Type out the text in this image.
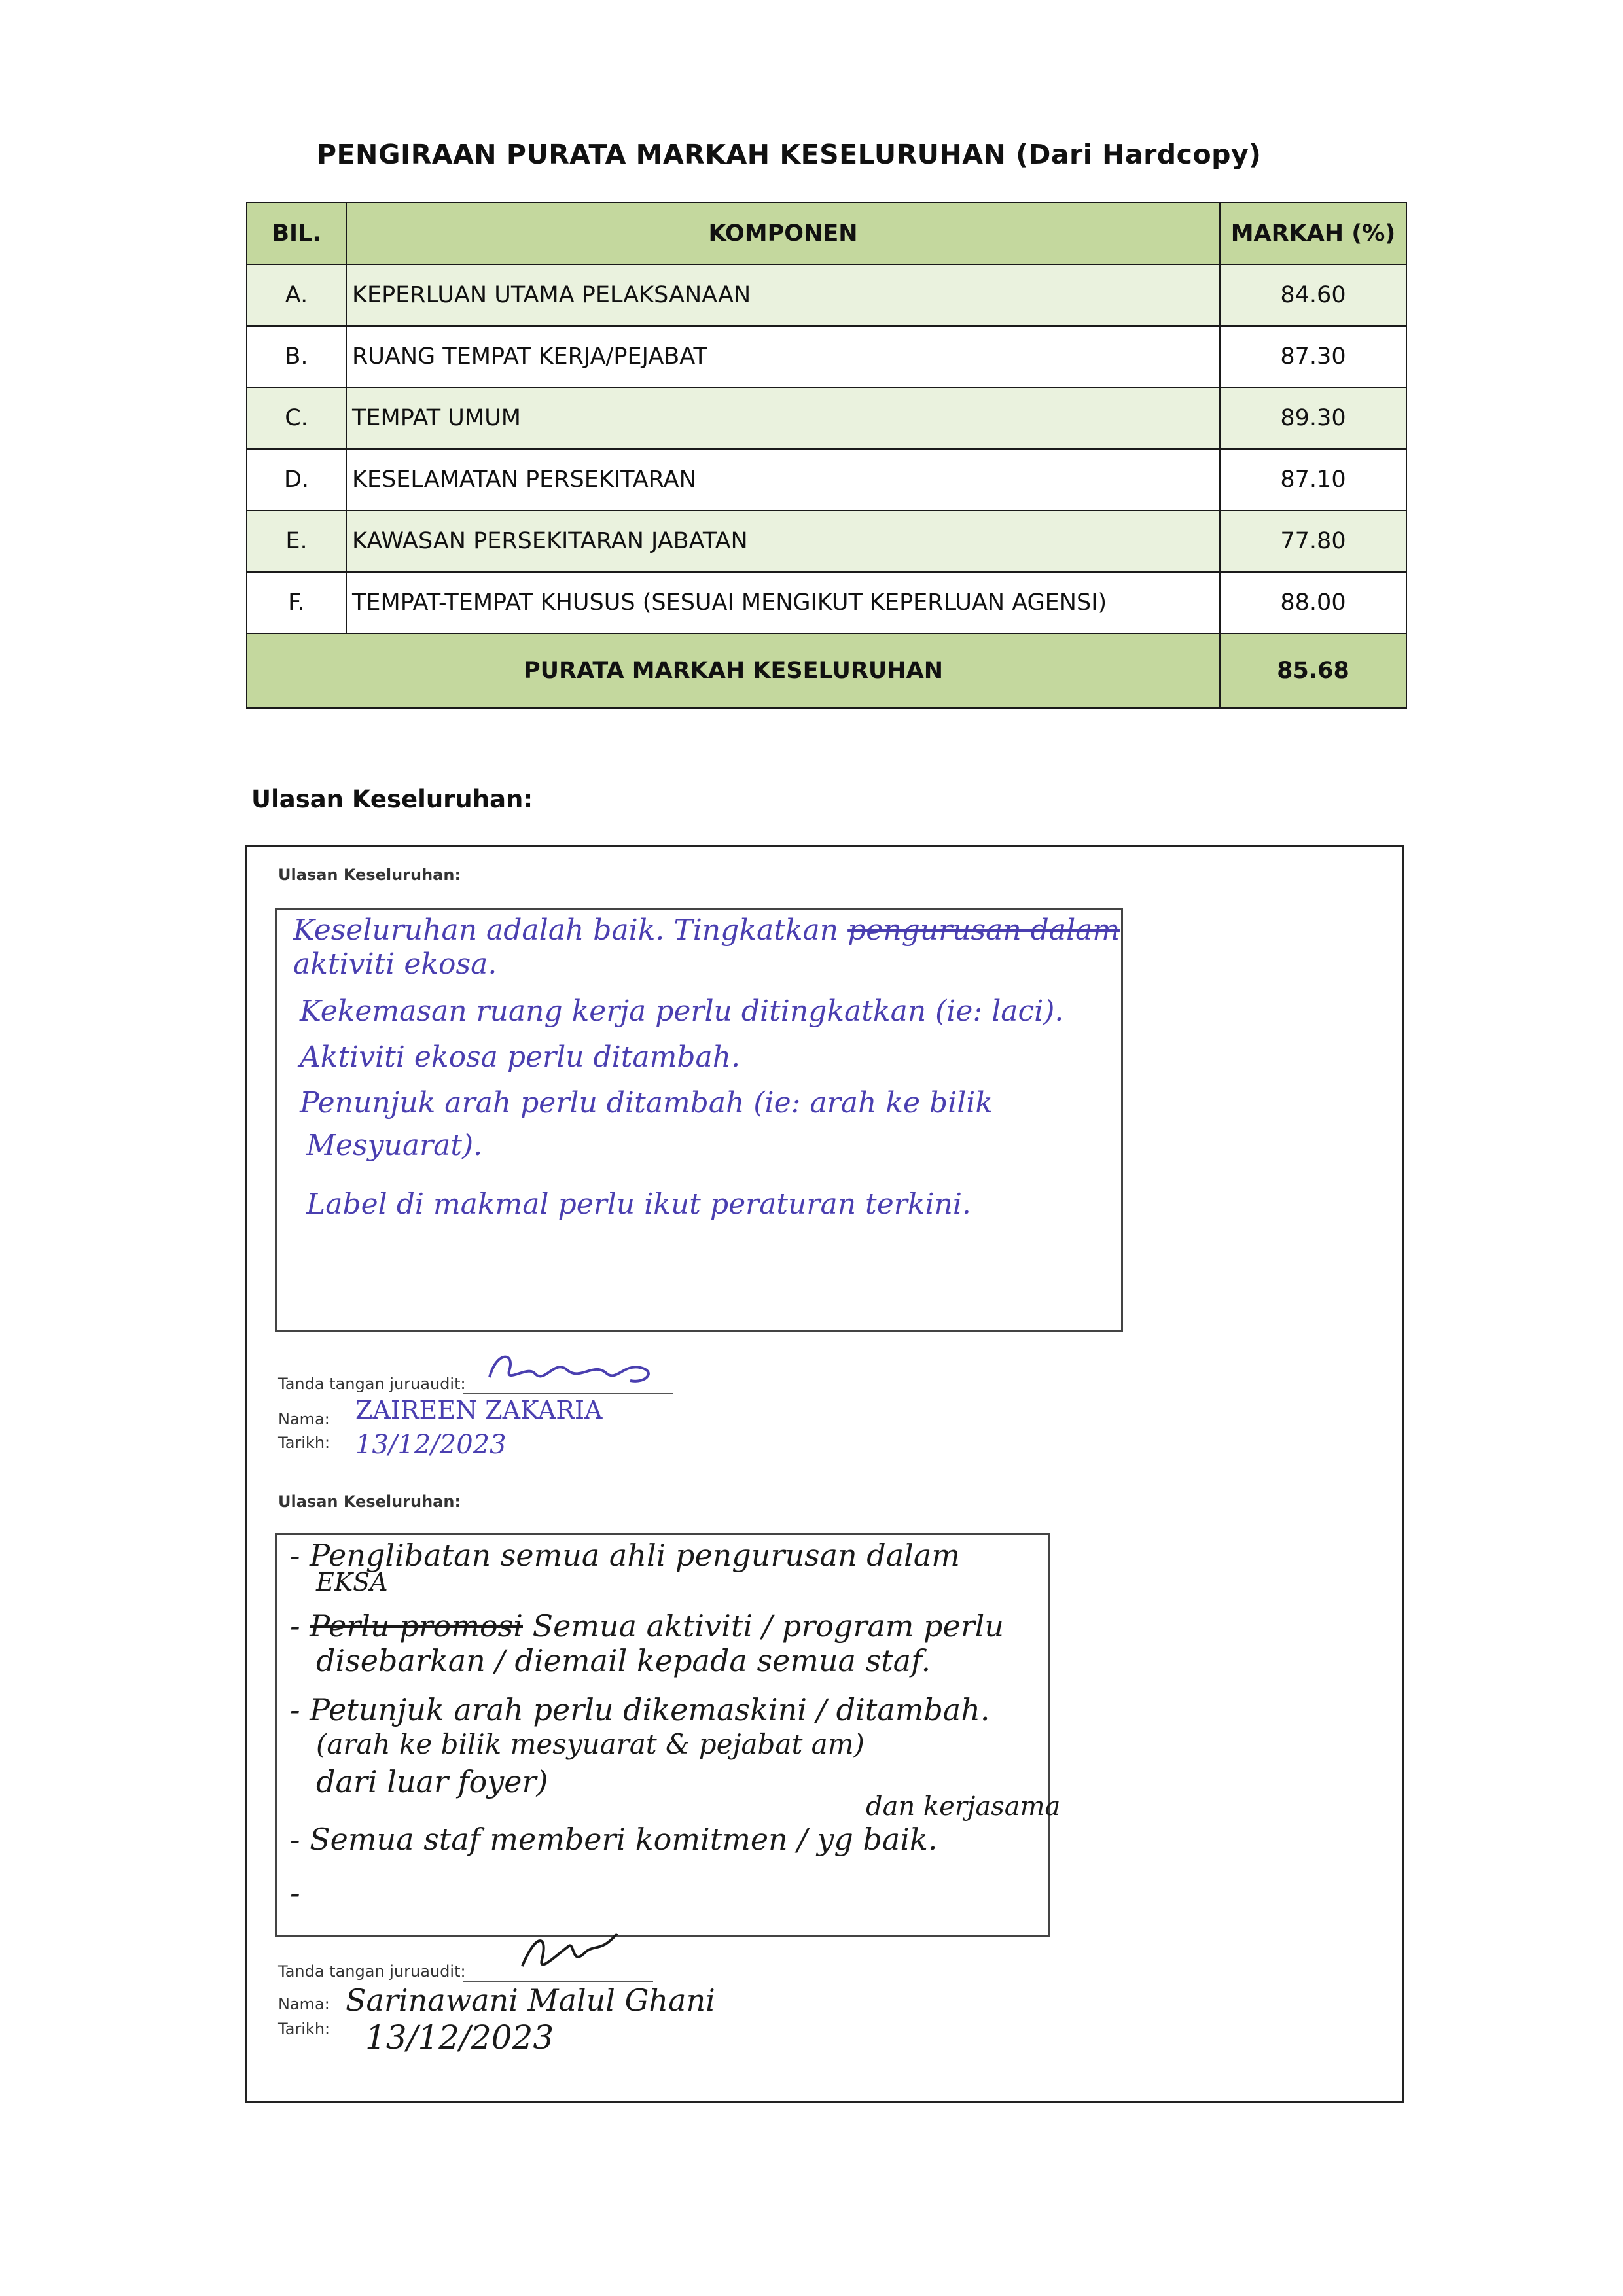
PENGIRAAN PURATA MARKAH KESELURUHAN (Dari Hardcopy)
BIL.	KOMPONEN	MARKAH (%)
A.	KEPERLUAN UTAMA PELAKSANAAN	84.60
B.	RUANG TEMPAT KERJA/PEJABAT	87.30
C.	TEMPAT UMUM	89.30
D.	KESELAMATAN PERSEKITARAN	87.10
E.	KAWASAN PERSEKITARAN JABATAN	77.80
F.	TEMPAT-TEMPAT KHUSUS (SESUAI MENGIKUT KEPERLUAN AGENSI)	88.00
PURATA MARKAH KESELURUHAN		85.68
Ulasan Keseluruhan:
Ulasan Keseluruhan:
Keseluruhan adalah baik. Tingkatkan pengurusan dalam
aktiviti ekosa.
Kekemasan ruang kerja perlu ditingkatkan (ie: laci).
Aktiviti ekosa perlu ditambah.
Penunjuk arah perlu ditambah (ie: arah ke bilik
Mesyuarat).
Label di makmal perlu ikut peraturan terkini.
Tanda tangan juruaudit:
Nama: ZAIREEN ZAKARIA
Tarikh: 13/12/2023
Ulasan Keseluruhan:
- Penglibatan semua ahli pengurusan dalam
EKSA
- Perlu promosi Semua aktiviti / program perlu
disebarkan / diemail kepada semua staf.
- Petunjuk arah perlu dikemaskini / ditambah.
(arah ke bilik mesyuarat & pejabat am)
dari luar foyer)
dan kerjasama
- Semua staf memberi komitmen / yg baik.
-
Tanda tangan juruaudit:
Nama: Sarinawani Malul Ghani
Tarikh: 13/12/2023
